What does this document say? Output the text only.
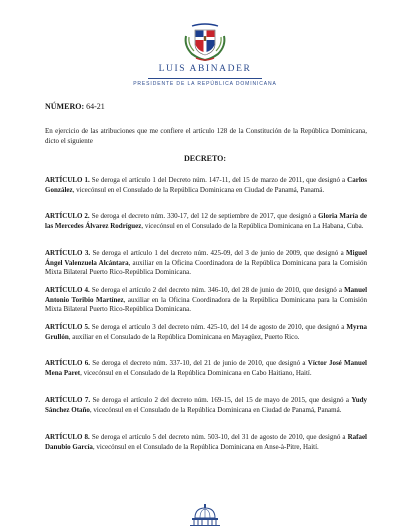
LUIS ABINADER
PRESIDENTE DE LA REPÚBLICA DOMINICANA
NÚMERO: 64-21
En ejercicio de las atribuciones que me confiere el artículo 128 de la Constitución de la República Dominicana, dicto el siguiente
DECRETO:
ARTÍCULO 1. Se deroga el artículo 1 del Decreto núm. 147-11, del 15 de marzo de 2011, que designó a Carlos González, vicecónsul en el Consulado de la República Dominicana en Ciudad de Panamá, Panamá.
ARTÍCULO 2. Se deroga el decreto núm. 330-17, del 12 de septiembre de 2017, que designó a Gloria María de las Mercedes Álvarez Rodríguez, vicecónsul en el Consulado de la República Dominicana en La Habana, Cuba.
ARTÍCULO 3. Se deroga el artículo 1 del decreto núm. 425-09, del 3 de junio de 2009, que designó a Miguel Ángel Valenzuela Alcántara, auxiliar en la Oficina Coordinadora de la República Dominicana para la Comisión Mixta Bilateral Puerto Rico-República Dominicana.
ARTÍCULO 4. Se deroga el artículo 2 del decreto núm. 346-10, del 28 de junio de 2010, que designó a Manuel Antonio Toribio Martínez, auxiliar en la Oficina Coordinadora de la República Dominicana para la Comisión Mixta Bilateral Puerto Rico-República Dominicana.
ARTÍCULO 5. Se deroga el artículo 3 del decreto núm. 425-10, del 14 de agosto de 2010, que designó a Myrna Grullón, auxiliar en el Consulado de la República Dominicana en Mayagüez, Puerto Rico.
ARTÍCULO 6. Se deroga el decreto núm. 337-10, del 21 de junio de 2010, que designó a Víctor José Manuel Mena Paret, vicecónsul en el Consulado de la República Dominicana en Cabo Haitiano, Haití.
ARTÍCULO 7. Se deroga el artículo 2 del decreto núm. 169-15, del 15 de mayo de 2015, que designó a Yudy Sánchez Otaño, vicecónsul en el Consulado de la República Dominicana en Ciudad de Panamá, Panamá.
ARTÍCULO 8. Se deroga el artículo 5 del decreto núm. 503-10, del 31 de agosto de 2010, que designó a Rafael Danubio García, vicecónsul en el Consulado de la República Dominicana en Anse-à-Pitre, Haití.
